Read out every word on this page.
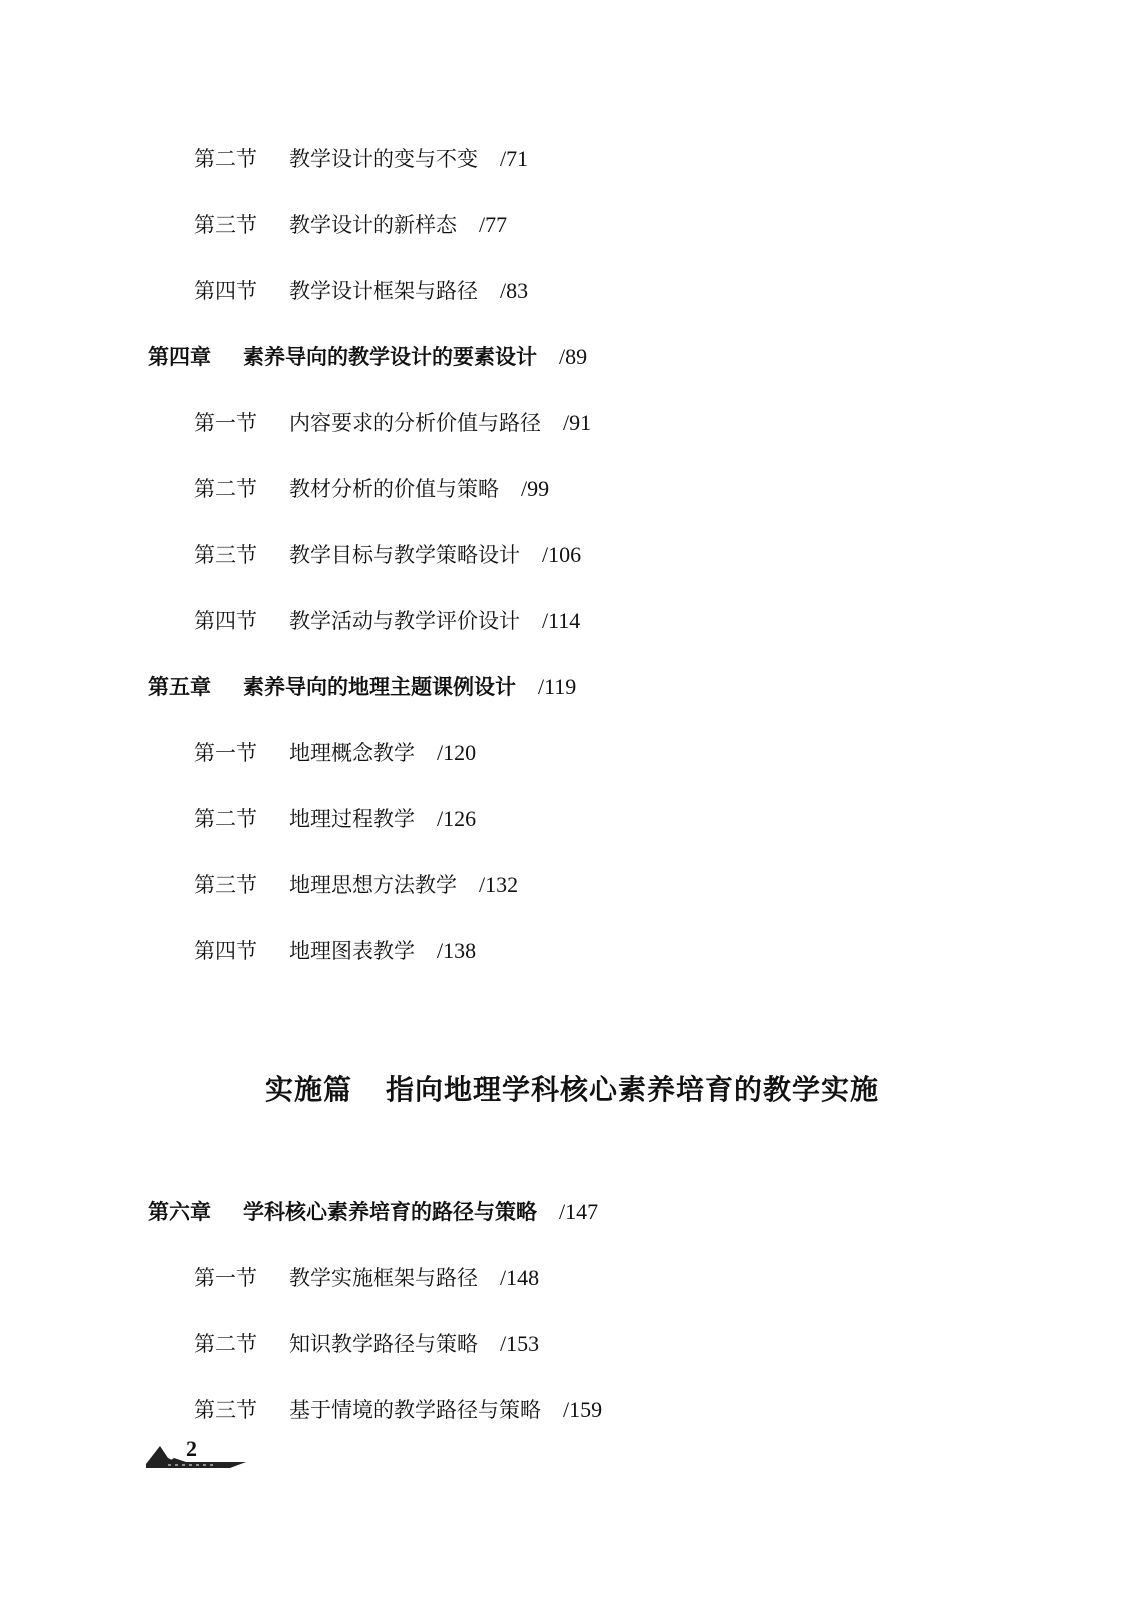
第二节 教学设计的变与不变 /71
第三节 教学设计的新样态 /77
第四节 教学设计框架与路径 /83
第四章 素养导向的教学设计的要素设计 /89
第一节 内容要求的分析价值与路径 /91
第二节 教材分析的价值与策略 /99
第三节 教学目标与教学策略设计 /106
第四节 教学活动与教学评价设计 /114
第五章 素养导向的地理主题课例设计 /119
第一节 地理概念教学 /120
第二节 地理过程教学 /126
第三节 地理思想方法教学 /132
第四节 地理图表教学 /138
实施篇 指向地理学科核心素养培育的教学实施
第六章 学科核心素养培育的路径与策略 /147
第一节 教学实施框架与路径 /148
第二节 知识教学路径与策略 /153
第三节 基于情境的教学路径与策略 /159
2
